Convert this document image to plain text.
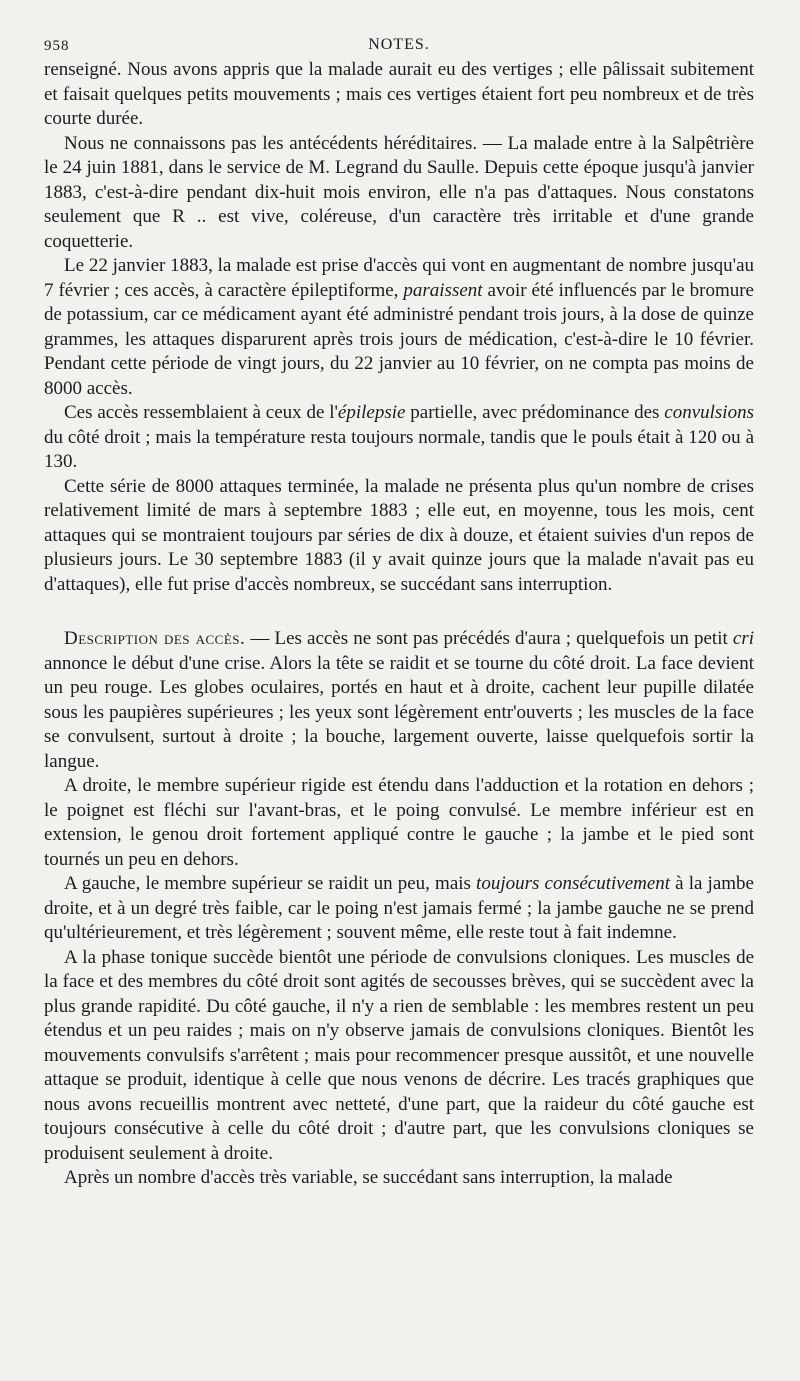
958	NOTES.

renseigné. Nous avons appris que la malade aurait eu des vertiges ; elle pâlissait subitement et faisait quelques petits mouvements ; mais ces vertiges étaient fort peu nombreux et de très courte durée.

Nous ne connaissons pas les antécédents héréditaires. — La malade entre à la Salpêtrière le 24 juin 1881, dans le service de M. Legrand du Saulle. Depuis cette époque jusqu'à janvier 1883, c'est-à-dire pendant dix-huit mois environ, elle n'a pas d'attaques. Nous constatons seulement que R .. est vive, coléreuse, d'un caractère très irritable et d'une grande coquetterie.

Le 22 janvier 1883, la malade est prise d'accès qui vont en augmentant de nombre jusqu'au 7 février ; ces accès, à caractère épileptiforme, paraissent avoir été influencés par le bromure de potassium, car ce médicament ayant été administré pendant trois jours, à la dose de quinze grammes, les attaques disparurent après trois jours de médication, c'est-à-dire le 10 février. Pendant cette période de vingt jours, du 22 janvier au 10 février, on ne compta pas moins de 8000 accès.

Ces accès ressemblaient à ceux de l'épilepsie partielle, avec prédominance des convulsions du côté droit ; mais la température resta toujours normale, tandis que le pouls était à 120 ou à 130.

Cette série de 8000 attaques terminée, la malade ne présenta plus qu'un nombre de crises relativement limité de mars à septembre 1883 ; elle eut, en moyenne, tous les mois, cent attaques qui se montraient toujours par séries de dix à douze, et étaient suivies d'un repos de plusieurs jours. Le 30 septembre 1883 (il y avait quinze jours que la malade n'avait pas eu d'attaques), elle fut prise d'accès nombreux, se succédant sans interruption.

Description des accès. — Les accès ne sont pas précédés d'aura ; quelquefois un petit cri annonce le début d'une crise. Alors la tête se raidit et se tourne du côté droit. La face devient un peu rouge. Les globes oculaires, portés en haut et à droite, cachent leur pupille dilatée sous les paupières supérieures ; les yeux sont légèrement entr'ouverts ; les muscles de la face se convulsent, surtout à droite ; la bouche, largement ouverte, laisse quelquefois sortir la langue.

A droite, le membre supérieur rigide est étendu dans l'adduction et la rotation en dehors ; le poignet est fléchi sur l'avant-bras, et le poing convulsé. Le membre inférieur est en extension, le genou droit fortement appliqué contre le gauche ; la jambe et le pied sont tournés un peu en dehors.

A gauche, le membre supérieur se raidit un peu, mais toujours consécutivement à la jambe droite, et à un degré très faible, car le poing n'est jamais fermé ; la jambe gauche ne se prend qu'ultérieurement, et très légèrement ; souvent même, elle reste tout à fait indemne.

A la phase tonique succède bientôt une période de convulsions cloniques. Les muscles de la face et des membres du côté droit sont agités de secousses brèves, qui se succèdent avec la plus grande rapidité. Du côté gauche, il n'y a rien de semblable : les membres restent un peu étendus et un peu raides ; mais on n'y observe jamais de convulsions cloniques. Bientôt les mouvements convulsifs s'arrêtent ; mais pour recommencer presque aussitôt, et une nouvelle attaque se produit, identique à celle que nous venons de décrire. Les tracés graphiques que nous avons recueillis montrent avec netteté, d'une part, que la raideur du côté gauche est toujours consécutive à celle du côté droit ; d'autre part, que les convulsions cloniques se produisent seulement à droite.

Après un nombre d'accès très variable, se succédant sans interruption, la malade
